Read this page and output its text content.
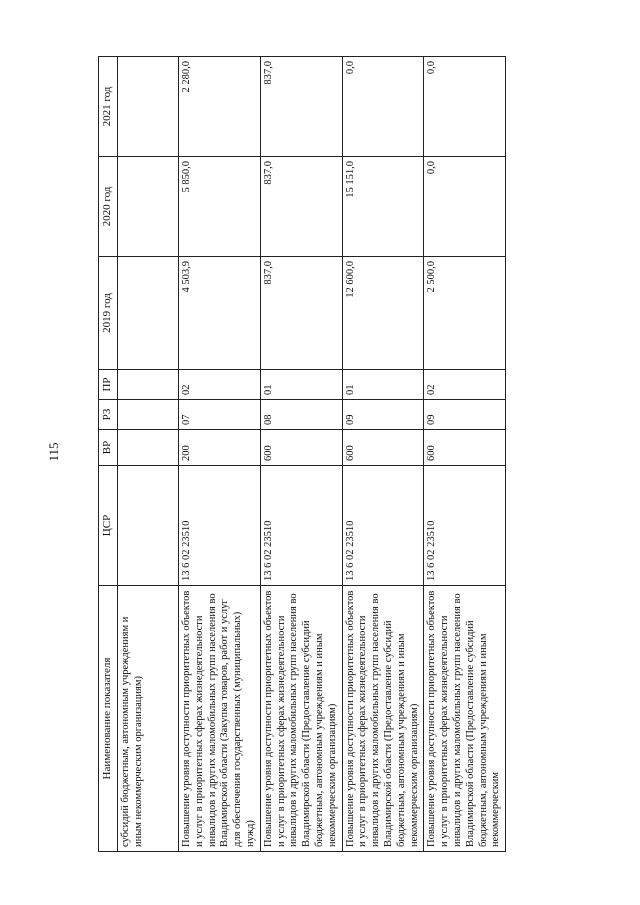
115
Наименование показателя	ЦСР	ВР	РЗ	ПР	2019 год	2020 год	2021 год
субсидий бюджетным, автономным учреждениям и иным некоммерческим организациям)							
Повышение уровня доступности приоритетных объектов и услуг в приоритетных сферах жизнедеятельности инвалидов и других маломобильных групп населения во Владимирской области (Закупка товаров, работ и услуг для обеспечения государственных (муниципальных) нужд)	13 6 02 23510	200	07	02	4 503,9	5 850,0	2 280,0
Повышение уровня доступности приоритетных объектов и услуг в приоритетных сферах жизнедеятельности инвалидов и других маломобильных групп населения во Владимирской области (Предоставление субсидий бюджетным, автономным учреждениям и иным некоммерческим организациям)	13 6 02 23510	600	08	01	837,0	837,0	837,0
Повышение уровня доступности приоритетных объектов и услуг в приоритетных сферах жизнедеятельности инвалидов и других маломобильных групп населения во Владимирской области (Предоставление субсидий бюджетным, автономным учреждениям и иным некоммерческим организациям)	13 6 02 23510	600	09	01	12 600,0	15 151,0	0,0
Повышение уровня доступности приоритетных объектов и услуг в приоритетных сферах жизнедеятельности инвалидов и других маломобильных групп населения во Владимирской области (Предоставление субсидий бюджетным, автономным учреждениям и иным некоммерческим	13 6 02 23510	600	09	02	2 500,0	0,0	0,0
